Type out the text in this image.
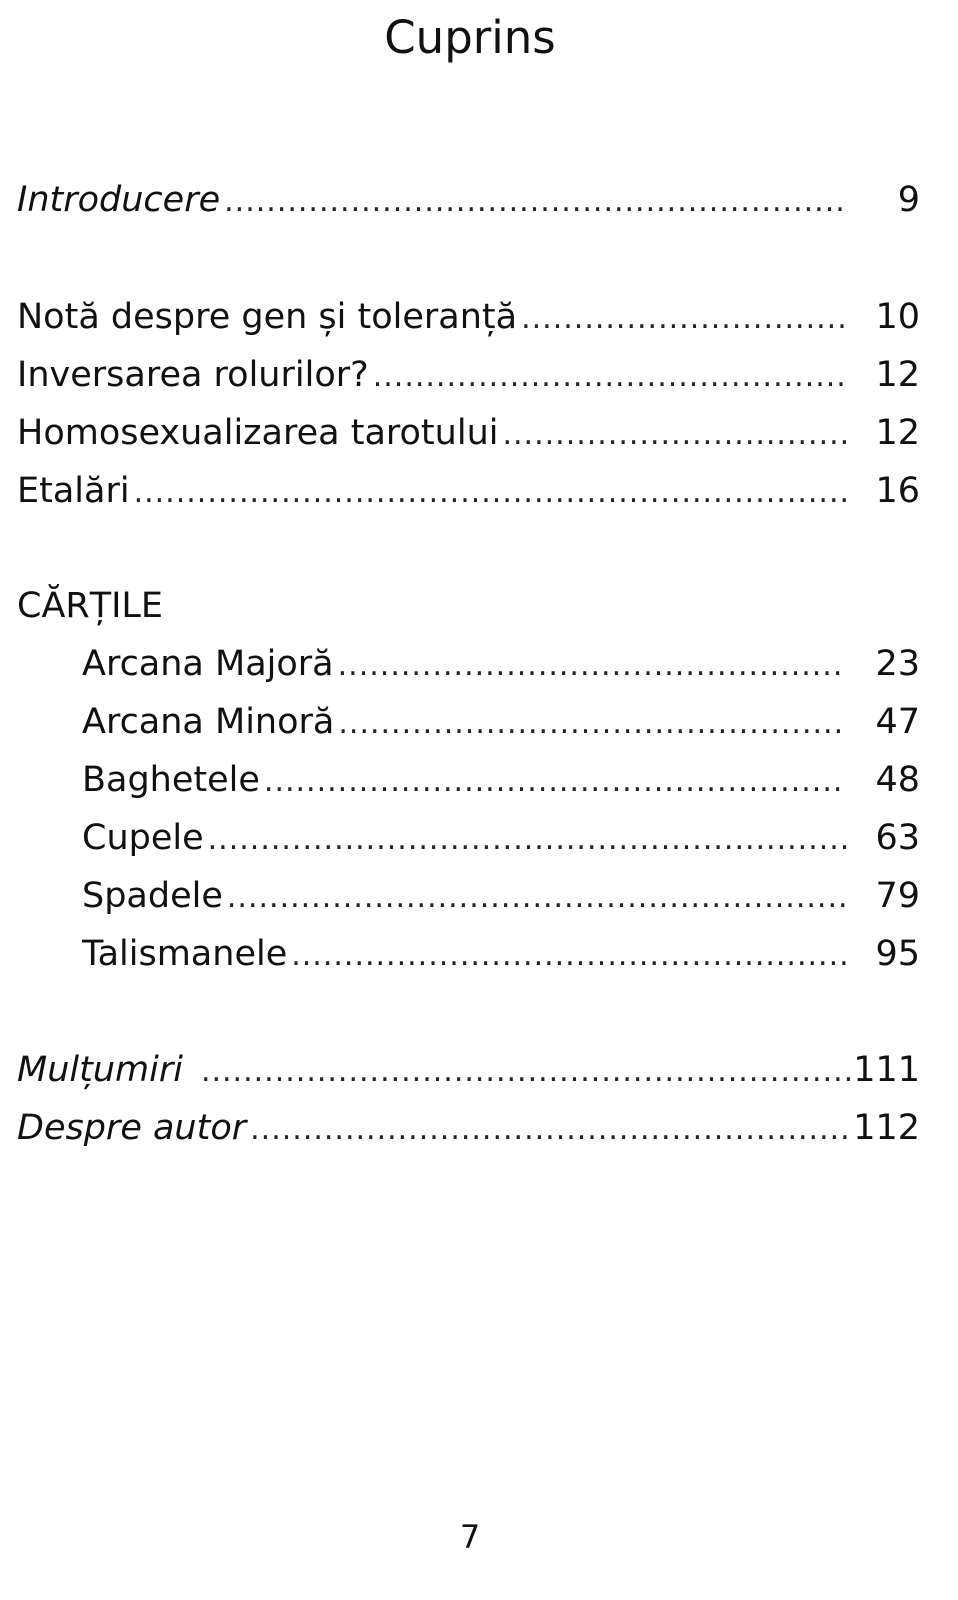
Cuprins
Introducere .....	9
Notă despre gen și toleranță .....	10
Inversarea rolurilor? .....	12
Homosexualizarea tarotului .....	12
Etalări .....	16
CĂRȚILE
Arcana Majoră .....	23
Arcana Minoră .....	47
Baghetele .....	48
Cupele .....	63
Spadele .....	79
Talismanele .....	95
Mulțumiri .....	111
Despre autor .....	112
7
